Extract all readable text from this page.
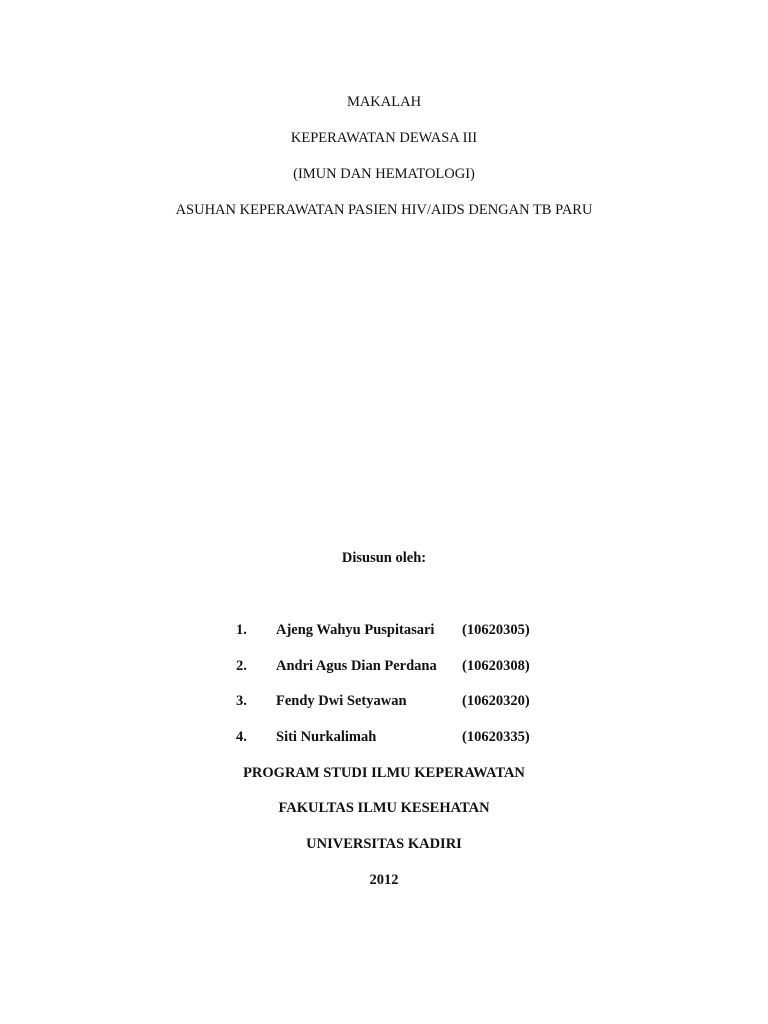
MAKALAH
KEPERAWATAN DEWASA III
(IMUN DAN HEMATOLOGI)
ASUHAN KEPERAWATAN PASIEN HIV/AIDS DENGAN TB PARU
Disusun oleh:
1. Ajeng Wahyu Puspitasari (10620305)
2. Andri Agus Dian Perdana (10620308)
3. Fendy Dwi Setyawan	(10620320)
4. Siti Nurkalimah	(10620335)
PROGRAM STUDI ILMU KEPERAWATAN
FAKULTAS ILMU KESEHATAN
UNIVERSITAS KADIRI
2012
